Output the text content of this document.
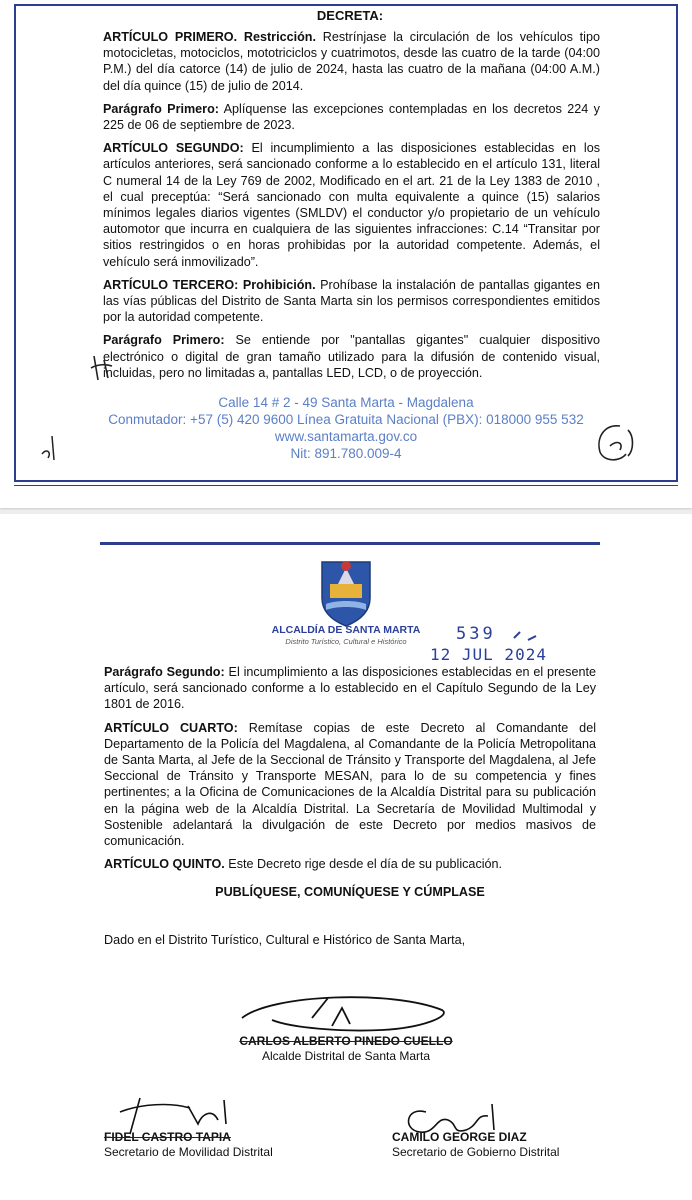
DECRETA:

ARTÍCULO PRIMERO. Restricción. Restrínjase la circulación de los vehículos tipo motocicletas, motociclos, mototriciclos y cuatrimotos, desde las cuatro de la tarde (04:00 P.M.) del día catorce (14) de julio de 2024, hasta las cuatro de la mañana (04:00 A.M.) del día quince (15) de julio de 2014.

Parágrafo Primero: Aplíquense las excepciones contempladas en los decretos 224 y 225 de 06 de septiembre de 2023.

ARTÍCULO SEGUNDO: El incumplimiento a las disposiciones establecidas en los artículos anteriores, será sancionado conforme a lo establecido en el artículo 131, literal C numeral 14 de la Ley 769 de 2002, Modificado en el art. 21 de la Ley 1383 de 2010 , el cual preceptúa: “Será sancionado con multa equivalente a quince (15) salarios mínimos legales diarios vigentes (SMLDV) el conductor y/o propietario de un vehículo automotor que incurra en cualquiera de las siguientes infracciones: C.14 “Transitar por sitios restringidos o en horas prohibidas por la autoridad competente. Además, el vehículo será inmovilizado”.

ARTÍCULO TERCERO: Prohibición. Prohíbase la instalación de pantallas gigantes en las vías públicas del Distrito de Santa Marta sin los permisos correspondientes emitidos por la autoridad competente.

Parágrafo Primero: Se entiende por "pantallas gigantes" cualquier dispositivo electrónico o digital de gran tamaño utilizado para la difusión de contenido visual, incluidas, pero no limitadas a, pantallas LED, LCD, o de proyección.

Calle 14 # 2 - 49 Santa Marta - Magdalena
Conmutador: +57 (5) 420 9600 Línea Gratuita Nacional (PBX): 018000 955 532
www.santamarta.gov.co
Nit: 891.780.009-4
ALCALDÍA DE SANTA MARTA
Distrito Turístico, Cultural e Histórico	539
12 JUL 2024

Parágrafo Segundo: El incumplimiento a las disposiciones establecidas en el presente artículo, será sancionado conforme a lo establecido en el Capítulo Segundo de la Ley 1801 de 2016.

ARTÍCULO CUARTO: Remítase copias de este Decreto al Comandante del Departamento de la Policía del Magdalena, al Comandante de la Policía Metropolitana de Santa Marta, al Jefe de la Seccional de Tránsito y Transporte del Magdalena, al Jefe Seccional de Tránsito y Transporte MESAN, para lo de su competencia y fines pertinentes; a la Oficina de Comunicaciones de la Alcaldía Distrital para su publicación en la página web de la Alcaldía Distrital. La Secretaría de Movilidad Multimodal y Sostenible adelantará la divulgación de este Decreto por medios masivos de comunicación.

ARTÍCULO QUINTO. Este Decreto rige desde el día de su publicación.

PUBLÍQUESE, COMUNÍQUESE Y CÚMPLASE
Dado en el Distrito Turístico, Cultural e Histórico de Santa Marta,
CARLOS ALBERTO PINEDO CUELLO
Alcalde Distrital de Santa Marta
FIDEL CASTRO TAPIA
Secretario de Movilidad Distrital
CAMILO GEORGE DIAZ
Secretario de Gobierno Distrital
